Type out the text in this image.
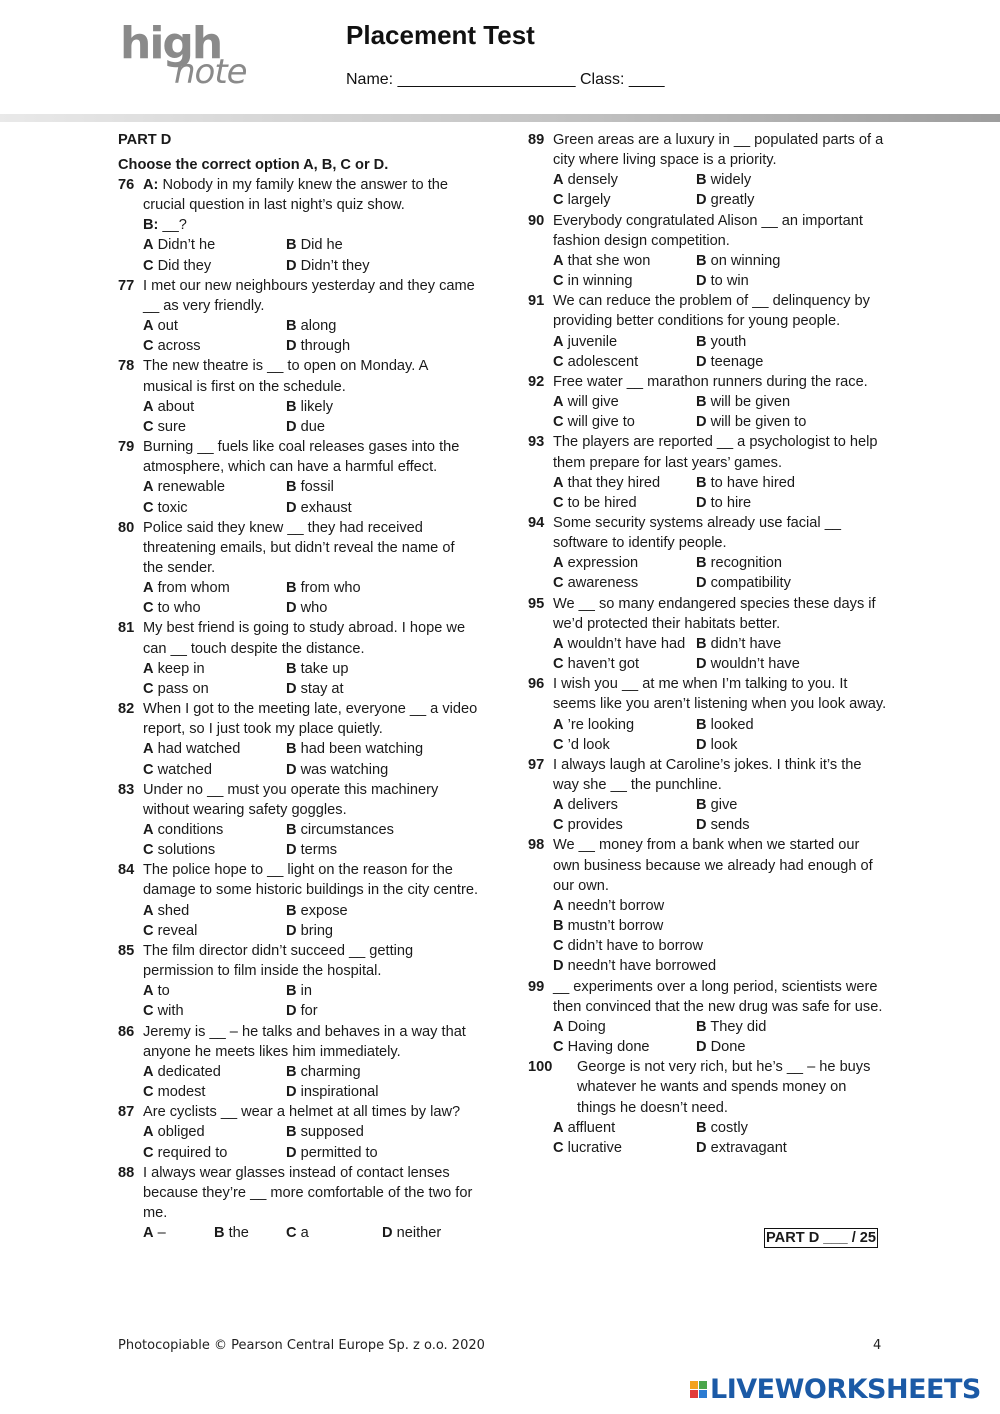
high
note
Placement Test
Name: ____________________ Class: ____
PART D
Choose the correct option A, B, C or D.
76 A: Nobody in my family knew the answer to the crucial question in last night’s quiz show.
B: __?
A Didn’t he	B Did he
C Did they	D Didn’t they
77 I met our new neighbours yesterday and they came __ as very friendly.
A out	B along
C across	D through
78 The new theatre is __ to open on Monday. A musical is first on the schedule.
A about	B likely
C sure	D due
79 Burning __ fuels like coal releases gases into the atmosphere, which can have a harmful effect.
A renewable	B fossil
C toxic	D exhaust
80 Police said they knew __ they had received threatening emails, but didn’t reveal the name of the sender.
A from whom	B from who
C to who	D who
81 My best friend is going to study abroad. I hope we can __ touch despite the distance.
A keep in	B take up
C pass on	D stay at
82 When I got to the meeting late, everyone __ a video report, so I just took my place quietly.
A had watched	B had been watching
C watched	D was watching
83 Under no __ must you operate this machinery without wearing safety goggles.
A conditions	B circumstances
C solutions	D terms
84 The police hope to __ light on the reason for the damage to some historic buildings in the city centre.
A shed	B expose
C reveal	D bring
85 The film director didn’t succeed __ getting permission to film inside the hospital.
A to	B in
C with	D for
86 Jeremy is __ – he talks and behaves in a way that anyone he meets likes him immediately.
A dedicated	B charming
C modest	D inspirational
87 Are cyclists __ wear a helmet at all times by law?
A obliged	B supposed
C required to	D permitted to
88 I always wear glasses instead of contact lenses because they’re __ more comfortable of the two for me.
A –	B the	C a	D neither
89 Green areas are a luxury in __ populated parts of a city where living space is a priority.
A densely	B widely
C largely	D greatly
90 Everybody congratulated Alison __ an important fashion design competition.
A that she won	B on winning
C in winning	D to win
91 We can reduce the problem of __ delinquency by providing better conditions for young people.
A juvenile	B youth
C adolescent	D teenage
92 Free water __ marathon runners during the race.
A will give	B will be given
C will give to	D will be given to
93 The players are reported __ a psychologist to help them prepare for last years’ games.
A that they hired	B to have hired
C to be hired	D to hire
94 Some security systems already use facial __ software to identify people.
A expression	B recognition
C awareness	D compatibility
95 We __ so many endangered species these days if we’d protected their habitats better.
A wouldn’t have had B didn’t have
C haven’t got	D wouldn’t have
96 I wish you __ at me when I’m talking to you. It seems like you aren’t listening when you look away.
A ’re looking	B looked
C ’d look	D look
97 I always laugh at Caroline’s jokes. I think it’s the way she __ the punchline.
A delivers	B give
C provides	D sends
98 We __ money from a bank when we started our own business because we already had enough of our own.
A needn’t borrow
B mustn’t borrow
C didn’t have to borrow
D needn’t have borrowed
99 __ experiments over a long period, scientists were then convinced that the new drug was safe for use.
A Doing	B They did
C Having done	D Done
100	George is not very rich, but he’s __ – he buys whatever he wants and spends money on things he doesn’t need.
A affluent	B costly
C lucrative	D extravagant
PART D ___ / 25
Photocopiable © Pearson Central Europe Sp. z o.o. 2020	4
LIVEWORKSHEETS
